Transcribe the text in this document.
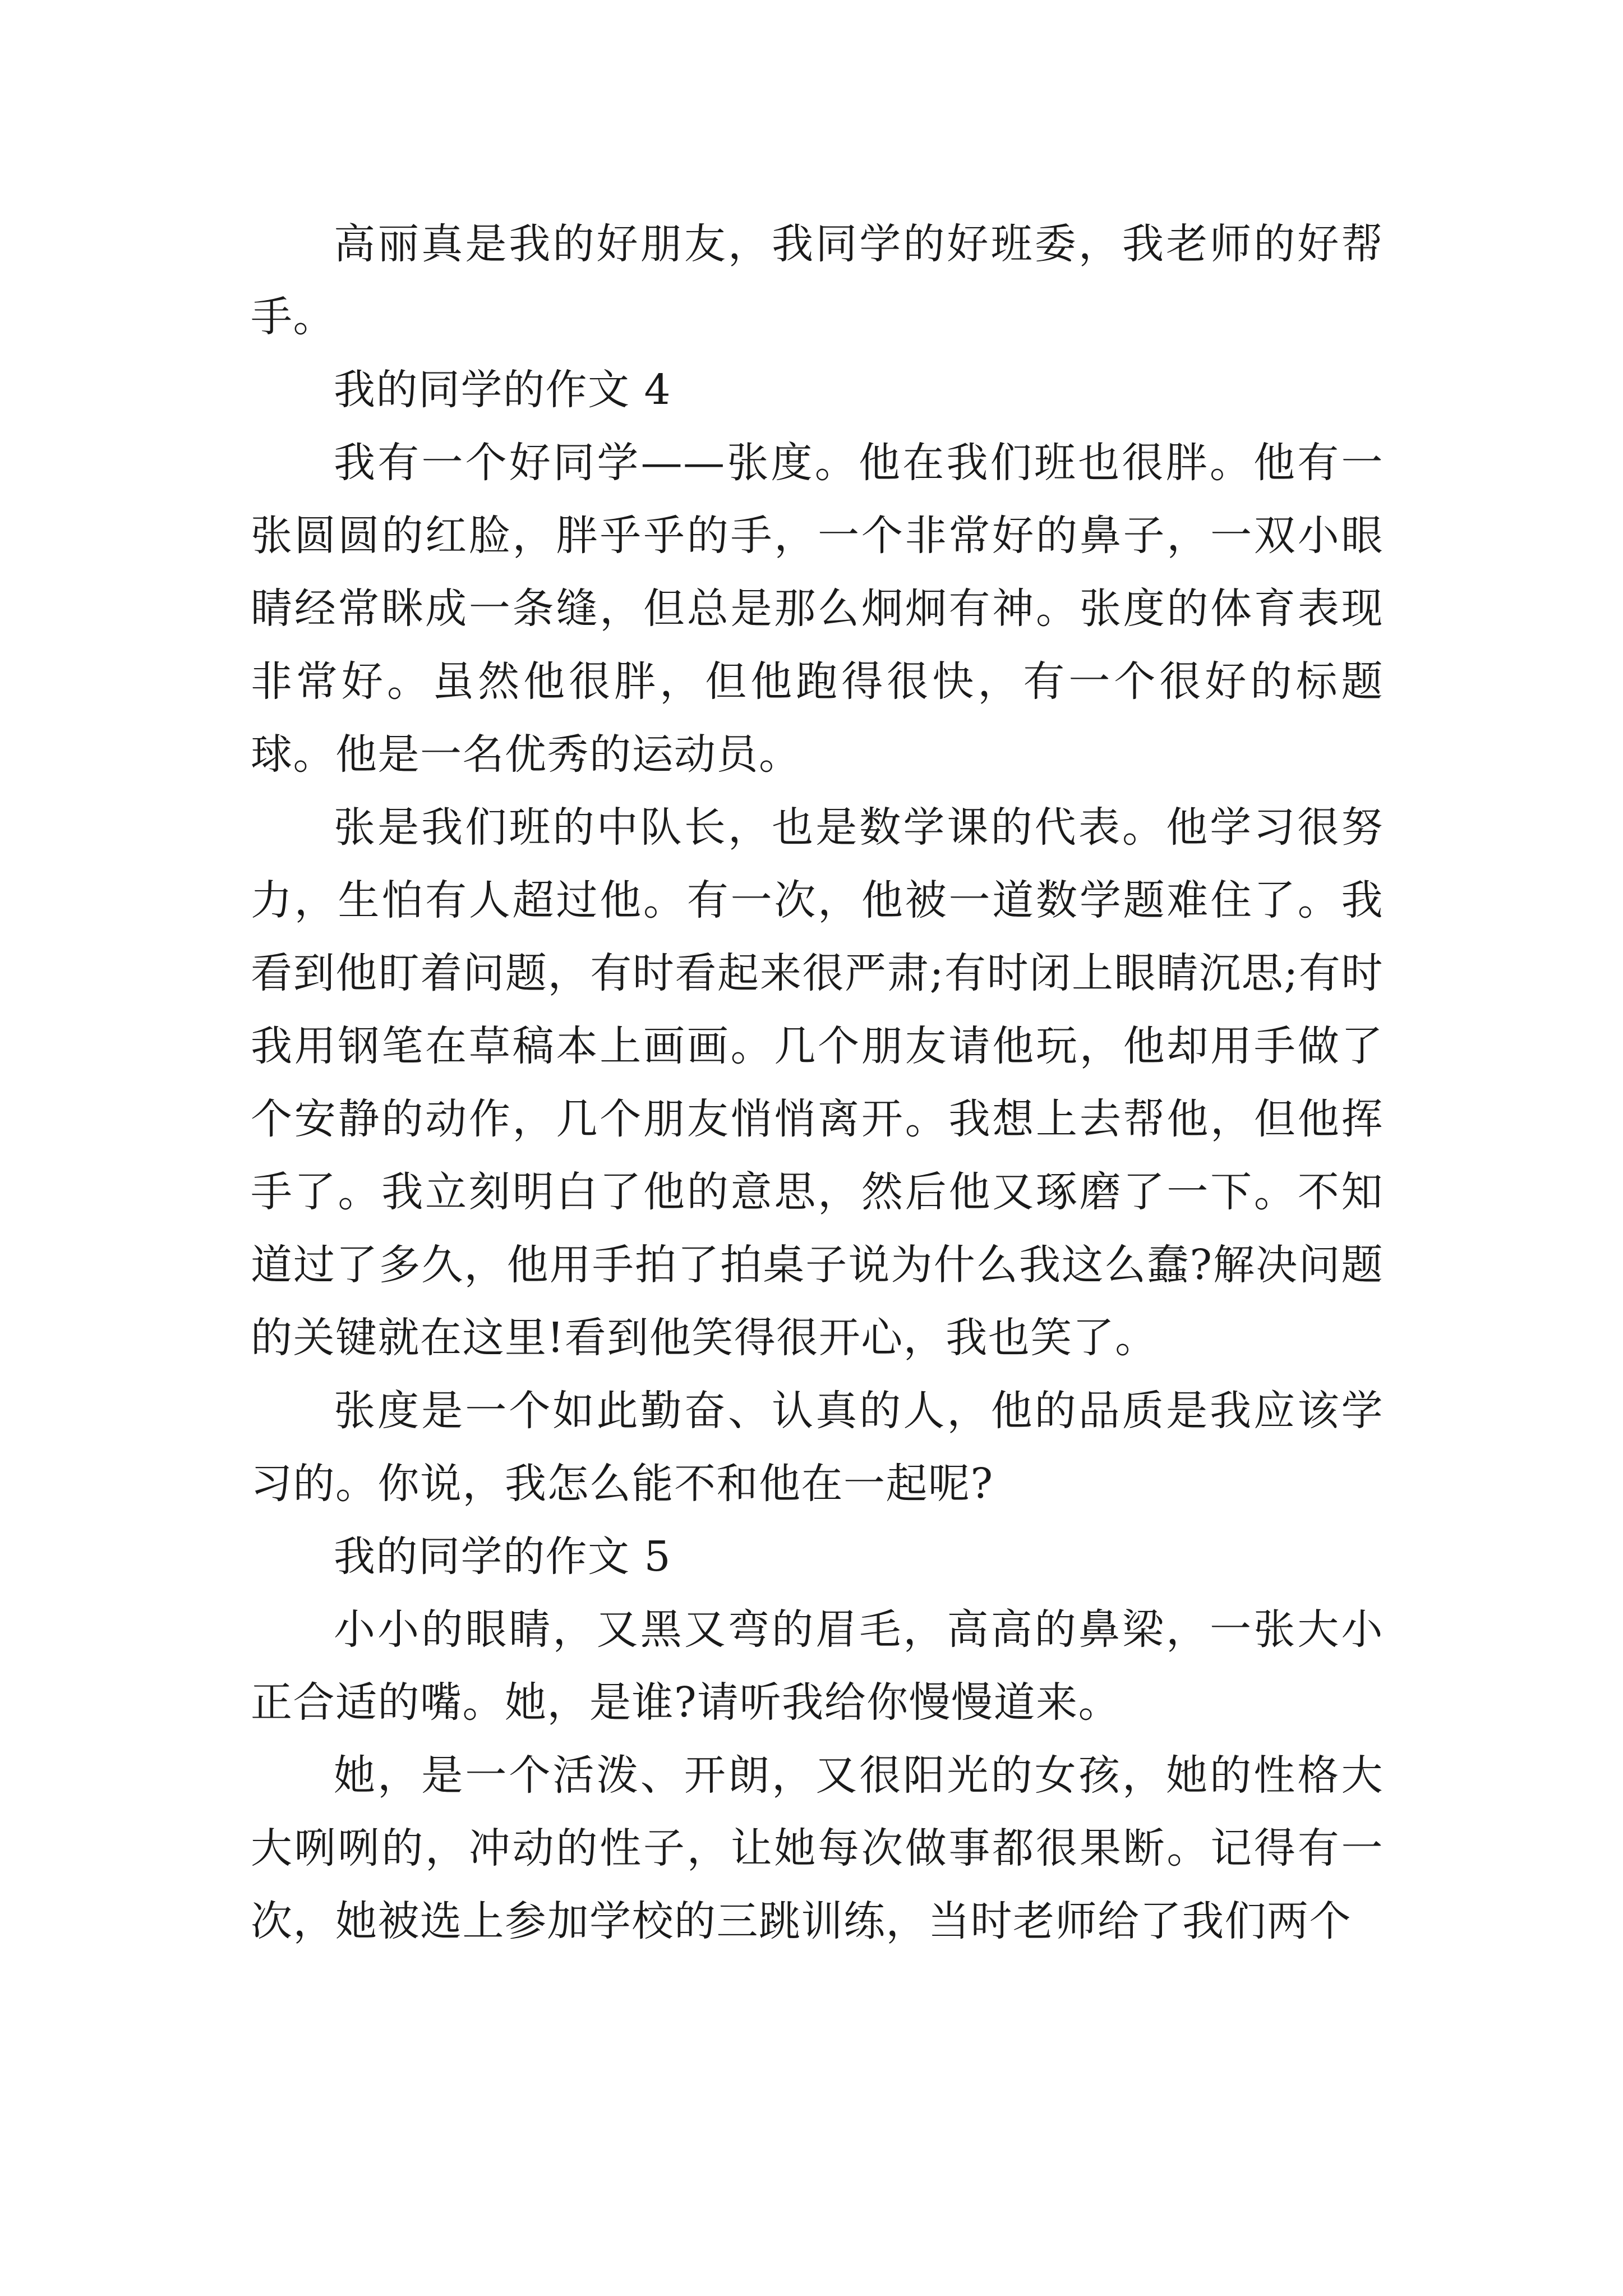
高丽真是我的好朋友，我同学的好班委，我老师的好帮手。

我的同学的作文 4

我有一个好同学——张度。他在我们班也很胖。他有一张圆圆的红脸，胖乎乎的手，一个非常好的鼻子，一双小眼睛经常眯成一条缝，但总是那么炯炯有神。张度的体育表现非常好。虽然他很胖，但他跑得很快，有一个很好的标题球。他是一名优秀的运动员。

张是我们班的中队长，也是数学课的代表。他学习很努力，生怕有人超过他。有一次，他被一道数学题难住了。我看到他盯着问题，有时看起来很严肃;有时闭上眼睛沉思;有时我用钢笔在草稿本上画画。几个朋友请他玩，他却用手做了个安静的动作，几个朋友悄悄离开。我想上去帮他，但他挥手了。我立刻明白了他的意思，然后他又琢磨了一下。不知道过了多久，他用手拍了拍桌子说为什么我这么蠢?解决问题的关键就在这里!看到他笑得很开心，我也笑了。

张度是一个如此勤奋、认真的人，他的品质是我应该学习的。你说，我怎么能不和他在一起呢?

我的同学的作文 5

小小的眼睛，又黑又弯的眉毛，高高的鼻梁，一张大小正合适的嘴。她，是谁?请听我给你慢慢道来。

她，是一个活泼、开朗，又很阳光的女孩，她的性格大大咧咧的，冲动的性子，让她每次做事都很果断。记得有一次，她被选上参加学校的三跳训练，当时老师给了我们两个
